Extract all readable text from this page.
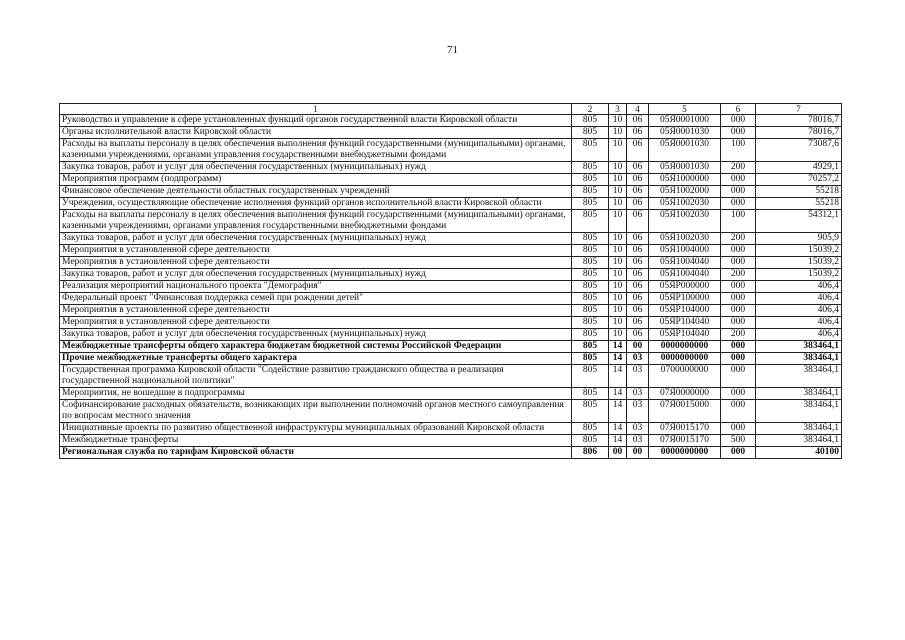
71
1	2	3	4	5	6	7
Руководство и управление в сфере установленных функций органов государственной власти Кировской области	805	10	06	05Я0001000	000	78016,7
Органы исполнительной власти Кировской области	805	10	06	05Я0001030	000	78016,7
Расходы на выплаты персоналу в целях обеспечения выполнения функций государственными (муниципальными) органами, казенными учреждениями, органами управления государственными внебюджетными фондами	805	10	06	05Я0001030	100	73087,6
Закупка товаров, работ и услуг для обеспечения государственных (муниципальных) нужд	805	10	06	05Я0001030	200	4929,1
Мероприятия программ (подпрограмм)	805	10	06	05Я1000000	000	70257,2
Финансовое обеспечение деятельности областных государственных учреждений	805	10	06	05Я1002000	000	55218
Учреждения, осуществляющие обеспечение исполнения функций органов исполнительной власти Кировской области	805	10	06	05Я1002030	000	55218
Расходы на выплаты персоналу в целях обеспечения выполнения функций государственными (муниципальными) органами, казенными учреждениями, органами управления государственными внебюджетными фондами	805	10	06	05Я1002030	100	54312,1
Закупка товаров, работ и услуг для обеспечения государственных (муниципальных) нужд	805	10	06	05Я1002030	200	905,9
Мероприятия в установленной сфере деятельности	805	10	06	05Я1004000	000	15039,2
Мероприятия в установленной сфере деятельности	805	10	06	05Я1004040	000	15039,2
Закупка товаров, работ и услуг для обеспечения государственных (муниципальных) нужд	805	10	06	05Я1004040	200	15039,2
Реализация мероприятий национального проекта "Демография"	805	10	06	05ЯР000000	000	406,4
Федеральный проект "Финансовая поддержка семей при рождении детей"	805	10	06	05ЯР100000	000	406,4
Мероприятия в установленной сфере деятельности	805	10	06	05ЯР104000	000	406,4
Мероприятия в установленной сфере деятельности	805	10	06	05ЯР104040	000	406,4
Закупка товаров, работ и услуг для обеспечения государственных (муниципальных) нужд	805	10	06	05ЯР104040	200	406,4
Межбюджетные трансферты общего характера бюджетам бюджетной системы Российской Федерации	805	14	00	0000000000	000	383464,1
Прочие межбюджетные трансферты общего характера	805	14	03	0000000000	000	383464,1
Государственная программа Кировской области "Содействие развитию гражданского общества и реализация государственной национальной политики"	805	14	03	0700000000	000	383464,1
Мероприятия, не вошедшие в подпрограммы	805	14	03	07Я0000000	000	383464,1
Софинансирование расходных обязательств, возникающих при выполнении полномочий органов местного самоуправления по вопросам местного значения	805	14	03	07Я0015000	000	383464,1
Инициативные проекты по развитию общественной инфраструктуры муниципальных образований Кировской области	805	14	03	07Я0015170	000	383464,1
Межбюджетные трансферты	805	14	03	07Я0015170	500	383464,1
Региональная служба по тарифам Кировской области	806	00	00	0000000000	000	40100
